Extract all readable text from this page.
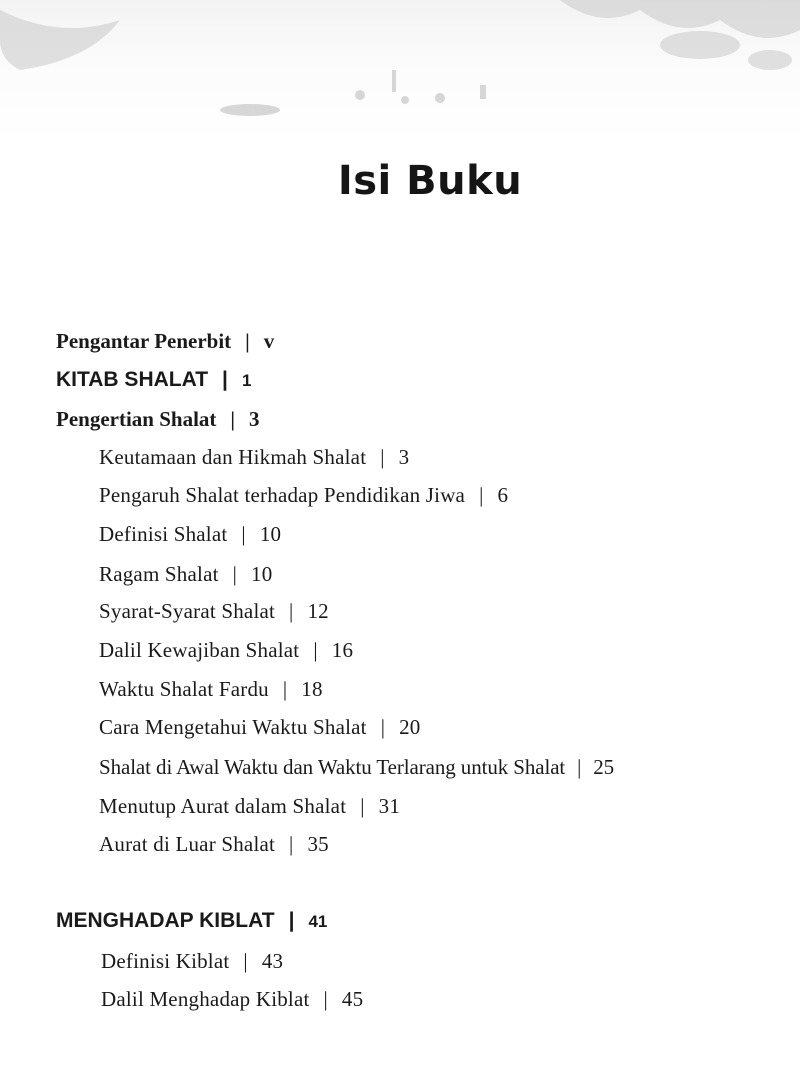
Isi Buku
Pengantar Penerbit | v
KITAB SHALAT | 1
Pengertian Shalat | 3
Keutamaan dan Hikmah Shalat | 3
Pengaruh Shalat terhadap Pendidikan Jiwa | 6
Definisi Shalat | 10
Ragam Shalat | 10
Syarat-Syarat Shalat | 12
Dalil Kewajiban Shalat | 16
Waktu Shalat Fardu | 18
Cara Mengetahui Waktu Shalat | 20
Shalat di Awal Waktu dan Waktu Terlarang untuk Shalat | 25
Menutup Aurat dalam Shalat | 31
Aurat di Luar Shalat | 35
MENGHADAP KIBLAT | 41
Definisi Kiblat | 43
Dalil Menghadap Kiblat | 45
